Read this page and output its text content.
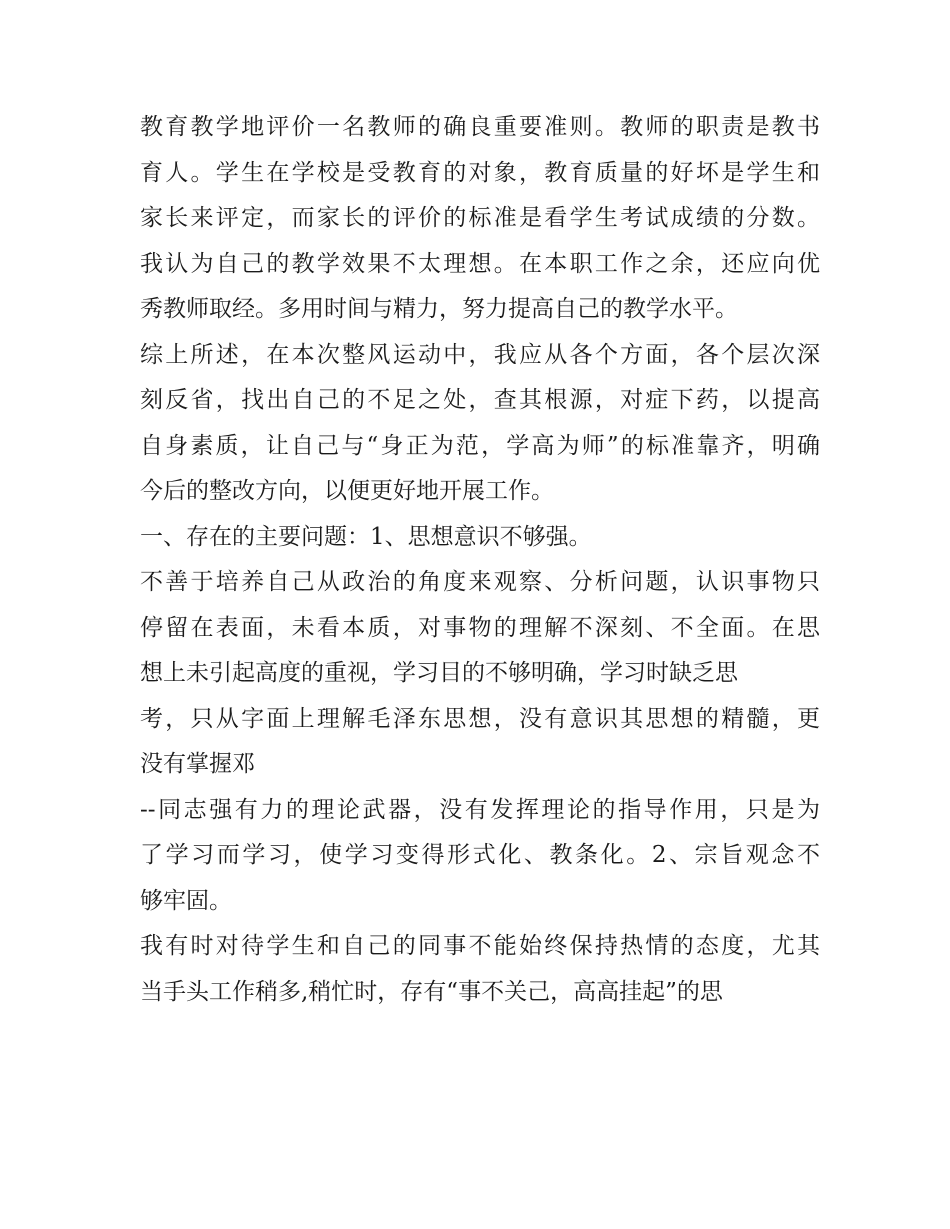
教育教学地评价一名教师的确良重要准则。教师的职责是教书
育人。学生在学校是受教育的对象，教育质量的好坏是学生和
家长来评定，而家长的评价的标准是看学生考试成绩的分数。
我认为自己的教学效果不太理想。在本职工作之余，还应向优
秀教师取经。多用时间与精力，努力提高自己的教学水平。
综上所述，在本次整风运动中，我应从各个方面，各个层次深
刻反省，找出自己的不足之处，查其根源，对症下药，以提高
自身素质，让自己与“身正为范，学高为师”的标准靠齐，明确
今后的整改方向，以便更好地开展工作。
一、存在的主要问题：1、思想意识不够强。
不善于培养自己从政治的角度来观察、分析问题，认识事物只
停留在表面，未看本质，对事物的理解不深刻、不全面。在思
想上未引起高度的重视，学习目的不够明确，学习时缺乏思
考，只从字面上理解毛泽东思想，没有意识其思想的精髓，更
没有掌握邓
--同志强有力的理论武器，没有发挥理论的指导作用，只是为
了学习而学习，使学习变得形式化、教条化。2、宗旨观念不
够牢固。
我有时对待学生和自己的同事不能始终保持热情的态度，尤其
当手头工作稍多,稍忙时，存有“事不关己，高高挂起”的思
